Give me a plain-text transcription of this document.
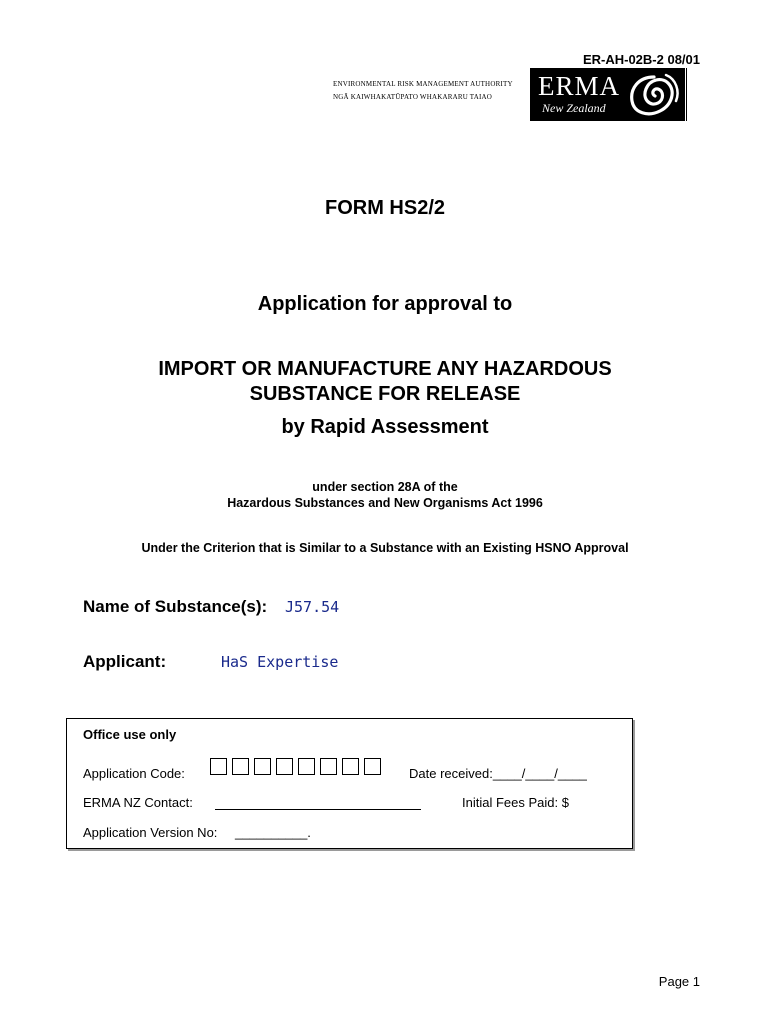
ER-AH-02B-2 08/01
ENVIRONMENTAL RISK MANAGEMENT AUTHORITY
NGĀ KAIWHAKATŪPATO WHAKARARU TAIAO	ERMA
New Zealand
FORM HS2/2
Application for approval to
IMPORT OR MANUFACTURE ANY HAZARDOUS
SUBSTANCE FOR RELEASE
by Rapid Assessment
under section 28A of the
Hazardous Substances and New Organisms Act 1996
Under the Criterion that is Similar to a Substance with an Existing HSNO Approval
Name of Substance(s): J57.54
Applicant:	HaS Expertise
Office use only
Application Code:	Date received:____/____/____
ERMA NZ Contact:	Initial Fees Paid: $
Application Version No: __________.
Page 1
